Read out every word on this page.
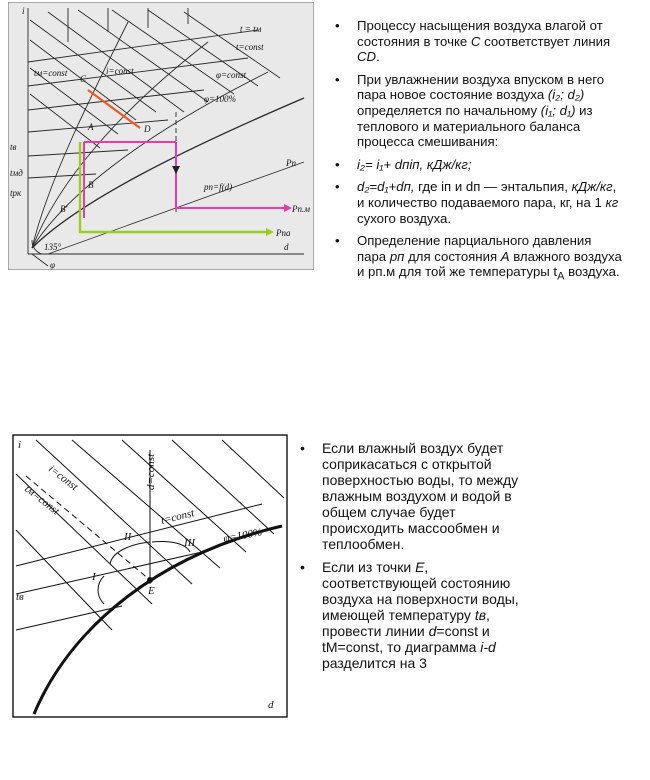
i
t = tм
t=const
φ=const
φ=100%
i=const
tм=const
C
D
A
B
B'
tв
tмд
tрк
Pп
pп=f(d)
Pп.м
Pпа
135°	d
φ
• Процессу насыщения воздуха влагой от состояния в точке C соответствует линия CD.
• При увлажнении воздуха впуском в него пара новое состояние воздуха (i₂; d₂) определяется по начальному (i₁; d₁) из теплового и материального баланса процесса смешивания:
• i₂= i₁+ dпiп, кДж/кг;
• d₂=d₁+dп, где iп и dп — энтальпия, кДж/кг, и количество подаваемого пара, кг, на 1 кг сухого воздуха.
• Определение парциального давления пара pп для состояния A влажного воздуха и pп.м для той же температуры $t_A$ воздуха.
i
i=const
tм=const
d=const
t=const
φ=100%
I
II	III
E
tв
d
• Если влажный воздух будет соприкасаться с открытой поверхностью воды, то между влажным воздухом и водой в общем случае будет происходить массообмен и теплообмен.
• Если из точки E, соответствующей состоянию воздуха на поверхности воды, имеющей температуру tв, провести линии d=const и tМ=const, то диаграмма i-d разделится на 3
